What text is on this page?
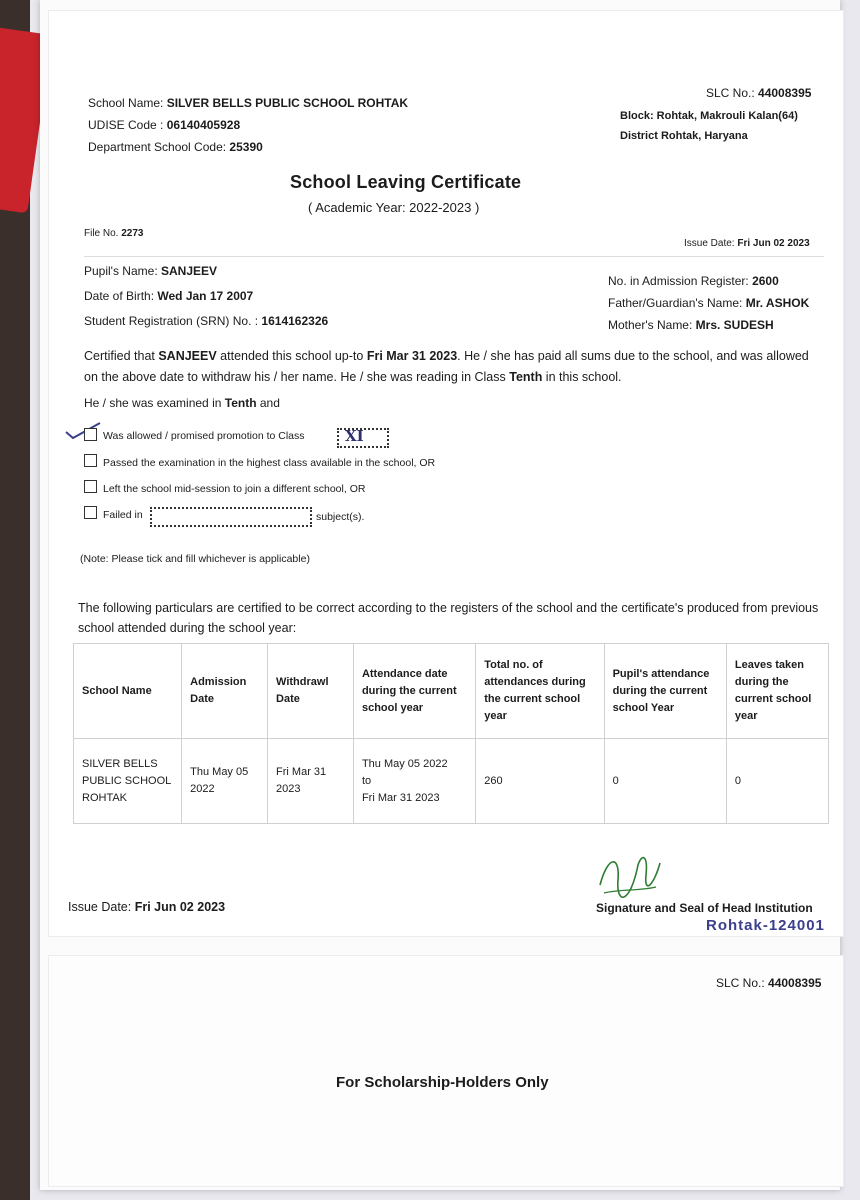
School Name: SILVER BELLS PUBLIC SCHOOL ROHTAK
UDISE Code : 06140405928
Department School Code: 25390
SLC No.: 44008395
Block: Rohtak, Makrouli Kalan(64)
District Rohtak, Haryana
School Leaving Certificate
( Academic Year: 2022-2023 )
File No. 2273
Issue Date: Fri Jun 02 2023
Pupil's Name: SANJEEV
Date of Birth: Wed Jan 17 2007
Student Registration (SRN) No. : 1614162326
No. in Admission Register: 2600
Father/Guardian's Name: Mr. ASHOK
Mother's Name: Mrs. SUDESH
Certified that SANJEEV attended this school up-to Fri Mar 31 2023. He / she has paid all sums due to the school, and was allowed on the above date to withdraw his / her name. He / she was reading in Class Tenth in this school.
He / she was examined in Tenth and
Was allowed / promised promotion to Class	XI
Passed the examination in the highest class available in the school, OR
Left the school mid-session to join a different school, OR
Failed in	subject(s).
(Note: Please tick and fill whichever is applicable)
The following particulars are certified to be correct according to the registers of the school and the certificate's produced from previous school attended during the school year:
School Name	Admission Date	Withdrawl Date	Attendance date during the current school year	Total no. of attendances during the current school year	Pupil's attendance during the current school Year	Leaves taken during the current school year
SILVER BELLS PUBLIC SCHOOL ROHTAK	Thu May 05 2022	Fri Mar 31 2023	Thu May 05 2022
to
Fri Mar 31 2023	260	0	0
Issue Date: Fri Jun 02 2023	Signature and Seal of Head Institution
Rohtak-124001
SLC No.: 44008395
For Scholarship-Holders Only
